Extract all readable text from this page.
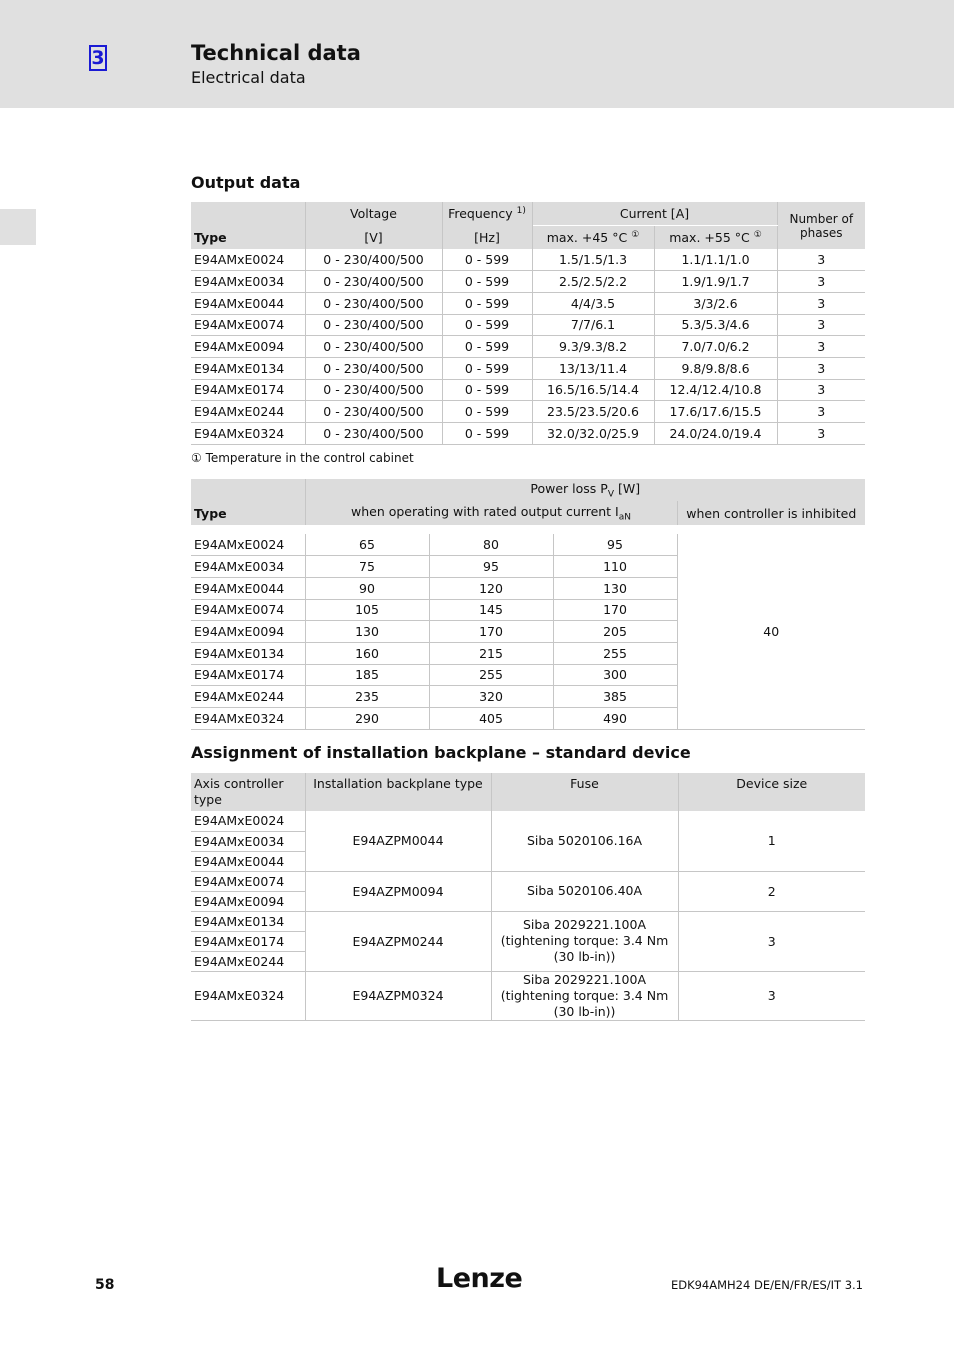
3	Technical data
Electrical data
Output data
Type	Voltage	Frequency $^{1)}$	Current [A]		Number of phases
	[V]	[Hz]	max. +45 °C ①	max. +55 °C ①
E94AMxE0024	0 - 230/400/500	0 - 599	1.5/1.5/1.3	1.1/1.1/1.0	3
E94AMxE0034	0 - 230/400/500	0 - 599	2.5/2.5/2.2	1.9/1.9/1.7	3
E94AMxE0044	0 - 230/400/500	0 - 599	4/4/3.5	3/3/2.6	3
E94AMxE0074	0 - 230/400/500	0 - 599	7/7/6.1	5.3/5.3/4.6	3
E94AMxE0094	0 - 230/400/500	0 - 599	9.3/9.3/8.2	7.0/7.0/6.2	3
E94AMxE0134	0 - 230/400/500	0 - 599	13/13/11.4	9.8/9.8/8.6	3
E94AMxE0174	0 - 230/400/500	0 - 599	16.5/16.5/14.4	12.4/12.4/10.8	3
E94AMxE0244	0 - 230/400/500	0 - 599	23.5/23.5/20.6	17.6/17.6/15.5	3
E94AMxE0324	0 - 230/400/500	0 - 599	32.0/32.0/25.9	24.0/24.0/19.4	3
① Temperature in the control cabinet
Type	Power loss $P_V$ [W]			
	when operating with rated output current $I_{aN}$			when controller is inhibited

E94AMxE0024	65	80	95	40
E94AMxE0034	75	95	110	
E94AMxE0044	90	120	130	
E94AMxE0074	105	145	170	
E94AMxE0094	130	170	205	
E94AMxE0134	160	215	255	
E94AMxE0174	185	255	300	
E94AMxE0244	235	320	385	
E94AMxE0324	290	405	490	
Assignment of installation backplane – standard device
Axis controller type	Installation backplane type	Fuse	Device size
E94AMxE0024	E94AZPM0044	Siba 5020106.16A	1
E94AMxE0034			
E94AMxE0044			
E94AMxE0074	E94AZPM0094	Siba 5020106.40A	2
E94AMxE0094			
E94AMxE0134	E94AZPM0244	Siba 2029221.100A
(tightening torque: 3.4 Nm
(30 lb-in))	3
E94AMxE0174			
E94AMxE0244			
E94AMxE0324	E94AZPM0324	Siba 2029221.100A
(tightening torque: 3.4 Nm
(30 lb-in))	3
58	Lenze	EDK94AMH24 DE/EN/FR/ES/IT 3.1
